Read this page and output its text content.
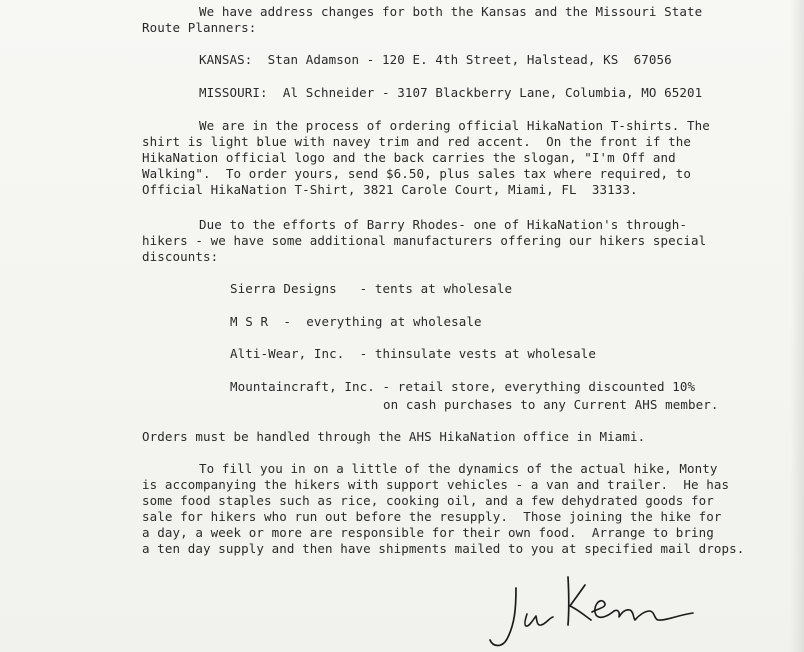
We have address changes for both the Kansas and the Missouri State
Route Planners:
KANSAS:  Stan Adamson - 120 E. 4th Street, Halstead, KS  67056
MISSOURI:  Al Schneider - 3107 Blackberry Lane, Columbia, MO 65201
We are in the process of ordering official HikaNation T-shirts. The
shirt is light blue with navey trim and red accent.  On the front if the
HikaNation official logo and the back carries the slogan, "I'm Off and
Walking".  To order yours, send $6.50, plus sales tax where required, to
Official HikaNation T-Shirt, 3821 Carole Court, Miami, FL  33133.
Due to the efforts of Barry Rhodes- one of HikaNation's through-
hikers - we have some additional manufacturers offering our hikers special
discounts:
Sierra Designs   - tents at wholesale
M S R  -  everything at wholesale
Alti-Wear, Inc.  - thinsulate vests at wholesale
Mountaincraft, Inc. - retail store, everything discounted 10%
on cash purchases to any Current AHS member.
Orders must be handled through the AHS HikaNation office in Miami.
To fill you in on a little of the dynamics of the actual hike, Monty
is accompanying the hikers with support vehicles - a van and trailer.  He has
some food staples such as rice, cooking oil, and a few dehydrated goods for
sale for hikers who run out before the resupply.  Those joining the hike for
a day, a week or more are responsible for their own food.  Arrange to bring
a ten day supply and then have shipments mailed to you at specified mail drops.
